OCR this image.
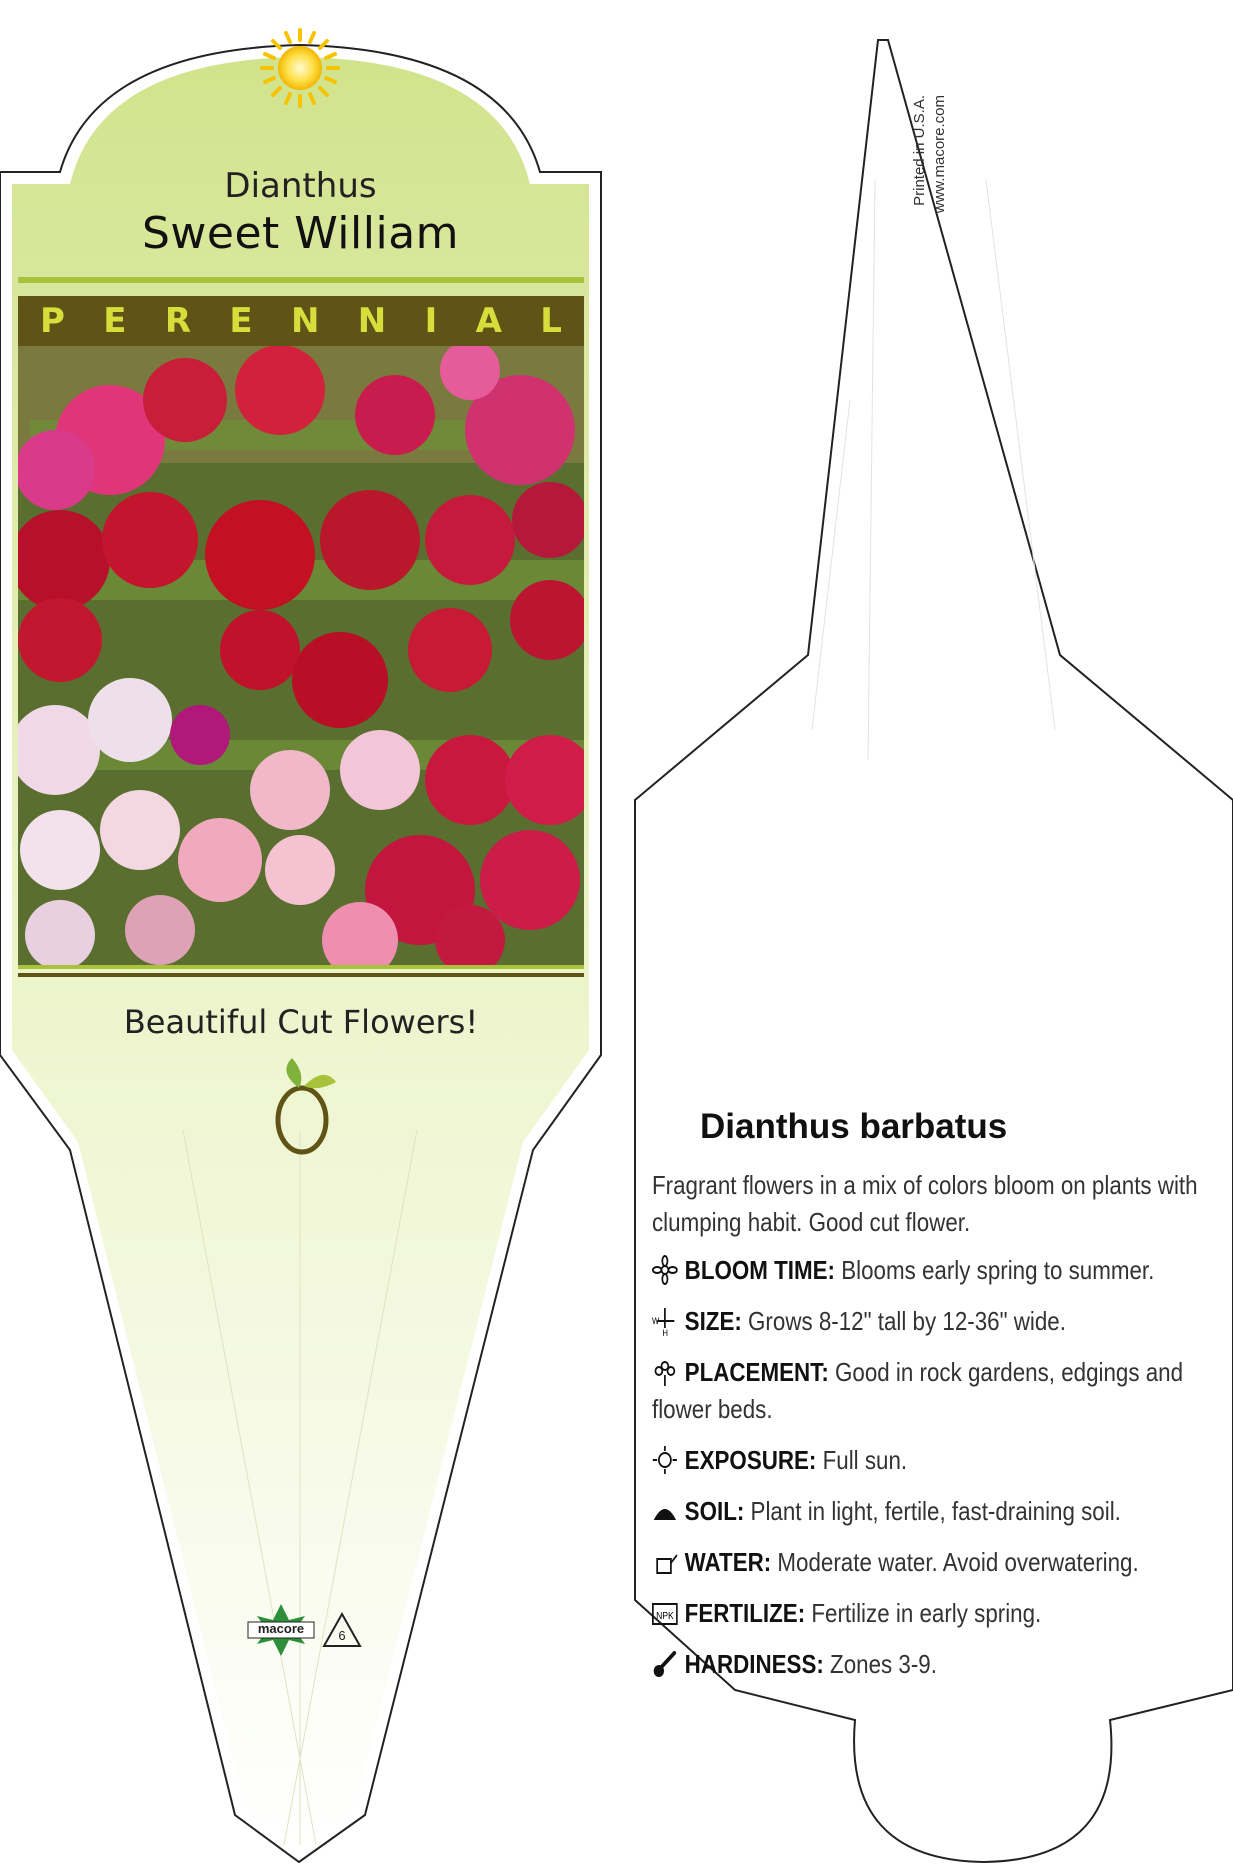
Dianthus
Sweet William
P E R E N N I A L
Beautiful Cut Flowers!
macore	6
Printed in U.S.A. www.macore.com
Dianthus barbatus
Fragrant flowers in a mix of colors bloom on plants with clumping habit. Good cut flower.
BLOOM TIME: Blooms early spring to summer.
W
H SIZE: Grows 8-12" tall by 12-36" wide.
PLACEMENT: Good in rock gardens, edgings and flower beds.
EXPOSURE: Full sun.
SOIL: Plant in light, fertile, fast-draining soil.
WATER: Moderate water. Avoid overwatering.
NPK FERTILIZE: Fertilize in early spring.
HARDINESS: Zones 3-9.
